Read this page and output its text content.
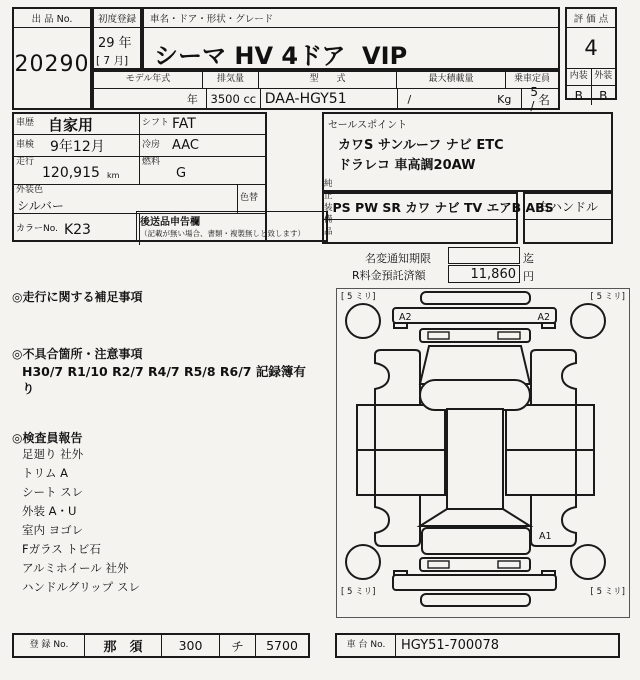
出 品 No.
20290
初度登録
29 年
[ 7 月]
車名・ドア・形状・グレード
シーマ HV 4ドア  VIP
モデル年式	排気量	型　　式	最大積載量	乗車定員
年	3500 cc DAA-HGY51	/	Kg 5 / 名
評 価 点
4
内装 外装
B	B
車歴 自家用	シフト FAT
車検 9年12月	冷房 AAC
走行
120,915 km
燃料
G
外装色
シルバー
色替
カラーNo. K23	後送品申告欄
（記載が無い場合、書類・複製無しと致します）
セールスポイント
カワS サンルーフ ナビ ETC
ドラレコ 車高調20AW
純正装備品
PS PW SR カワ ナビ TV エアB ABS
右ハンドル
名変通知期限	迄
R料金預託済額	11,860 円
◎走行に関する補足事項
◎不具合箇所・注意事項
H30/7 R1/10 R2/7 R4/7 R5/8 R6/7 記録簿有
り
◎検査員報告
足廻り 社外
トリム A
シート スレ
外装 A・U
室内 ヨゴレ
Fガラス トビ石
アルミホイール 社外
ハンドルグリップ スレ
[ 5 ミリ]	[ 5 ミリ]
[ 5 ミリ]	[ 5 ミリ]
A2	A2
A1
登 録 No.	那　須	300	チ	5700	車 台 No.	HGY51-700078
